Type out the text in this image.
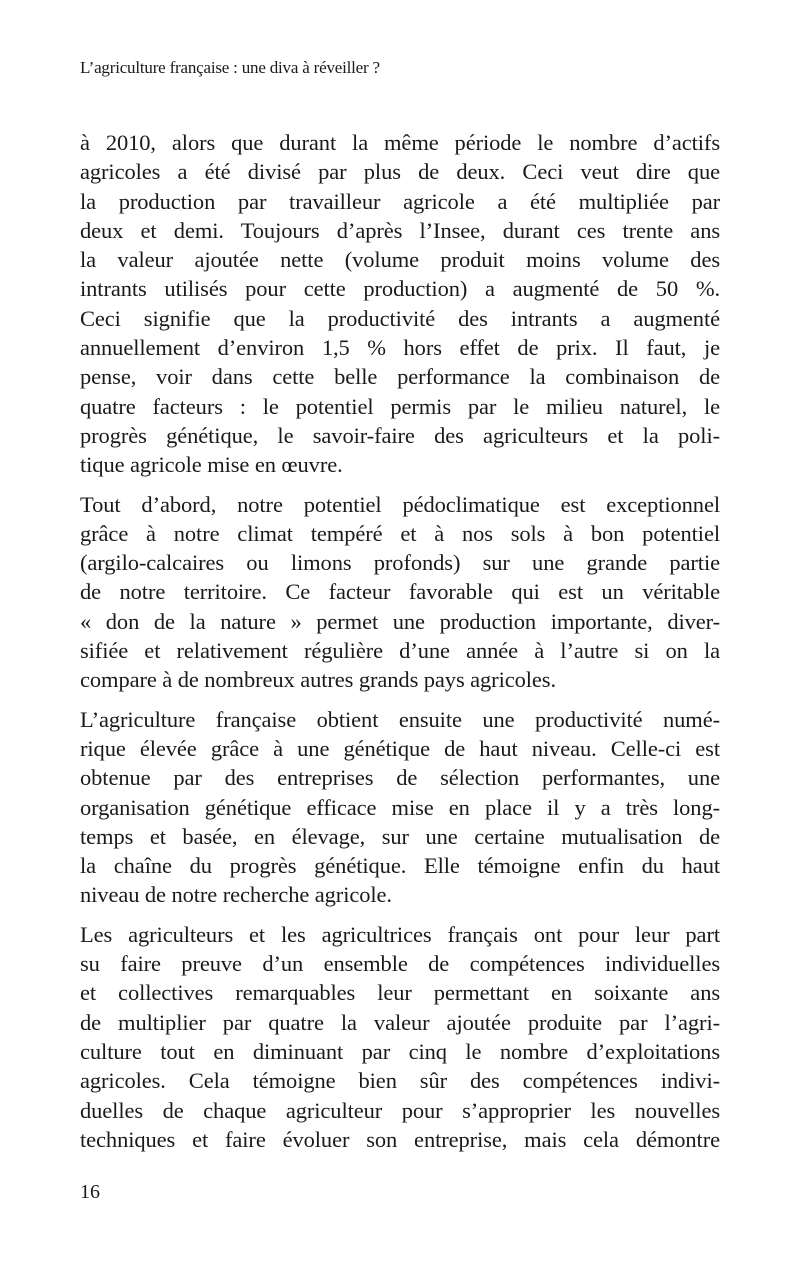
L’agriculture française : une diva à réveiller ?
à 2010, alors que durant la même période le nombre d’actifs
agricoles a été divisé par plus de deux. Ceci veut dire que
la production par travailleur agricole a été multipliée par
deux et demi. Toujours d’après l’Insee, durant ces trente ans
la valeur ajoutée nette (volume produit moins volume des
intrants utilisés pour cette production) a augmenté de 50 %.
Ceci signifie que la productivité des intrants a augmenté
annuellement d’environ 1,5 % hors effet de prix. Il faut, je
pense, voir dans cette belle performance la combinaison de
quatre facteurs : le potentiel permis par le milieu naturel, le
progrès génétique, le savoir-faire des agriculteurs et la poli-
tique agricole mise en œuvre.
Tout d’abord, notre potentiel pédoclimatique est exceptionnel
grâce à notre climat tempéré et à nos sols à bon potentiel
(argilo-calcaires ou limons profonds) sur une grande partie
de notre territoire. Ce facteur favorable qui est un véritable
« don de la nature » permet une production importante, diver-
sifiée et relativement régulière d’une année à l’autre si on la
compare à de nombreux autres grands pays agricoles.
L’agriculture française obtient ensuite une productivité numé-
rique élevée grâce à une génétique de haut niveau. Celle-ci est
obtenue par des entreprises de sélection performantes, une
organisation génétique efficace mise en place il y a très long-
temps et basée, en élevage, sur une certaine mutualisation de
la chaîne du progrès génétique. Elle témoigne enfin du haut
niveau de notre recherche agricole.
Les agriculteurs et les agricultrices français ont pour leur part
su faire preuve d’un ensemble de compétences individuelles
et collectives remarquables leur permettant en soixante ans
de multiplier par quatre la valeur ajoutée produite par l’agri-
culture tout en diminuant par cinq le nombre d’exploitations
agricoles. Cela témoigne bien sûr des compétences indivi-
duelles de chaque agriculteur pour s’approprier les nouvelles
techniques et faire évoluer son entreprise, mais cela démontre
16
